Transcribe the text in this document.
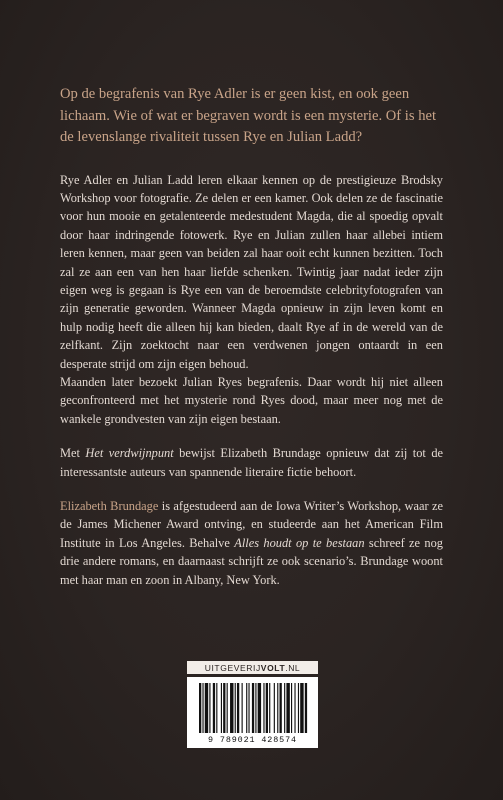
Op de begrafenis van Rye Adler is er geen kist, en ook geen lichaam. Wie of wat er begraven wordt is een mysterie. Of is het de levenslange rivaliteit tussen Rye en Julian Ladd?

Rye Adler en Julian Ladd leren elkaar kennen op de prestigieuze Brodsky Workshop voor fotografie. Ze delen er een kamer. Ook delen ze de fascinatie voor hun mooie en getalenteerde medestudent Magda, die al spoedig opvalt door haar indringende fotowerk. Rye en Julian zullen haar allebei intiem leren kennen, maar geen van beiden zal haar ooit echt kunnen bezitten. Toch zal ze aan een van hen haar liefde schenken. Twintig jaar nadat ieder zijn eigen weg is gegaan is Rye een van de beroemdste celebrityfotografen van zijn generatie geworden. Wanneer Magda opnieuw in zijn leven komt en hulp nodig heeft die alleen hij kan bieden, daalt Rye af in de wereld van de zelfkant. Zijn zoektocht naar een verdwenen jongen ontaardt in een desperate strijd om zijn eigen behoud.

Maanden later bezoekt Julian Ryes begrafenis. Daar wordt hij niet alleen geconfronteerd met het mysterie rond Ryes dood, maar meer nog met de wankele grondvesten van zijn eigen bestaan.

Met Het verdwijnpunt bewijst Elizabeth Brundage opnieuw dat zij tot de interessantste auteurs van spannende literaire fictie behoort.

Elizabeth Brundage is afgestudeerd aan de Iowa Writer’s Workshop, waar ze de James Michener Award ontving, en studeerde aan het American Film Institute in Los Angeles. Behalve Alles houdt op te bestaan schreef ze nog drie andere romans, en daarnaast schrijft ze ook scenario’s. Brundage woont met haar man en zoon in Albany, New York.

UITGEVERIJ VOLT .NL
9 789021 428574
